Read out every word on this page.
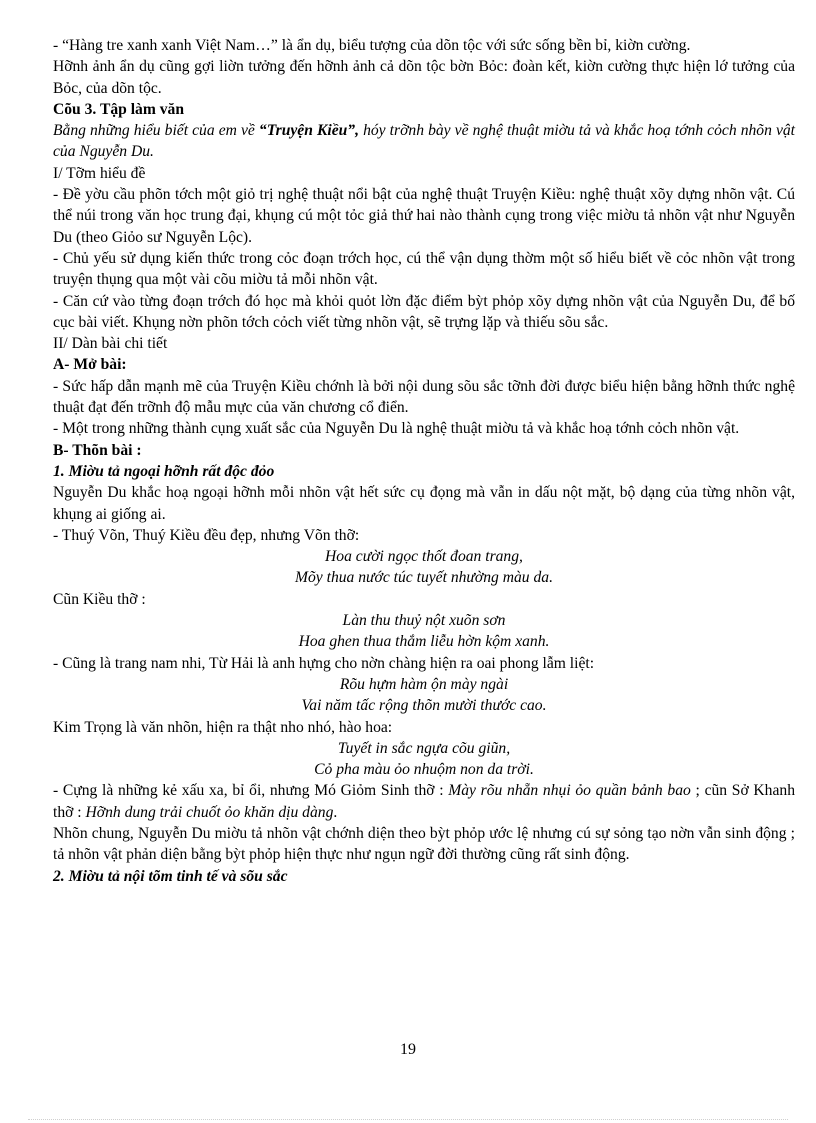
- “Hàng tre xanh xanh Việt Nam…” là ẩn dụ, biểu tượng của dõn tộc với sức sống bền bỉ, kiờn cường.

Hỡnh ảnh ẩn dụ cũng gợi liờn tưởng đến hỡnh ảnh cả dõn tộc bờn Bỏc: đoàn kết, kiờn cường thực hiện lớ tưởng của Bỏc, của dõn tộc.

Cõu 3. Tập làm văn

Bằng những hiểu biết của em về “Truyện Kiều”, hóy trỡnh bày về nghệ thuật miờu tả và khắc hoạ tớnh cỏch nhõn vật của Nguyễn Du.

I/ Tỡm hiểu đề

- Đề yờu cầu phõn tớch một giỏ trị nghệ thuật nổi bật của nghệ thuật Truyện Kiều: nghệ thuật xõy dựng nhõn vật. Cú thể núi trong văn học trung đại, khụng cú một tỏc giả thứ hai nào thành cụng trong việc miờu tả nhõn vật như Nguyễn Du (theo Giỏo sư Nguyễn Lộc).

- Chủ yếu sử dụng kiến thức trong cỏc đoạn trớch học, cú thể vận dụng thờm một số hiểu biết về cỏc nhõn vật trong truyện thụng qua một vài cõu miờu tả mỗi nhõn vật.

- Căn cứ vào từng đoạn trớch đó học mà khỏi quỏt lờn đặc điểm bỳt phỏp xõy dựng nhõn vật của Nguyễn Du, để bố cục bài viết. Khụng nờn phõn tớch cỏch viết từng nhõn vật, sẽ trựng lặp và thiếu sõu sắc.

II/ Dàn bài chi tiết

A- Mở bài:

- Sức hấp dẫn mạnh mẽ của Truyện Kiều chớnh là bởi nội dung sõu sắc tỡnh đời được biểu hiện bằng hỡnh thức nghệ thuật đạt đến trỡnh độ mẫu mực của văn chương cổ điển.

- Một trong những thành cụng xuất sắc của Nguyễn Du là nghệ thuật miờu tả và khắc hoạ tớnh cỏch nhõn vật.

B- Thõn bài :

1. Miờu tả ngoại hỡnh rất độc đỏo

Nguyễn Du khắc hoạ ngoại hỡnh mỗi nhõn vật hết sức cụ đọng mà vẫn in dấu nột mặt, bộ dạng của từng nhõn vật, khụng ai giống ai.

- Thuý Võn, Thuý Kiều đều đẹp, nhưng Võn thỡ:

Hoa cười ngọc thốt đoan trang,

Mõy thua nước túc tuyết nhường màu da.

Cũn Kiều thỡ :

Làn thu thuỷ nột xuõn sơn

Hoa ghen thua thắm liễu hờn kộm xanh.

- Cũng là trang nam nhi, Từ Hải là anh hựng cho nờn chàng hiện ra oai phong lẫm liệt:

Rõu hựm hàm ộn mày ngài

Vai năm tấc rộng thõn mười thước cao.

Kim Trọng là văn nhõn, hiện ra thật nho nhó, hào hoa:

Tuyết in sắc ngựa cõu giũn,

Cỏ pha màu ỏo nhuộm non da trời.

- Cựng là những kẻ xấu xa, bỉ ổi, nhưng Mó Giỏm Sinh thỡ : Mày rõu nhẵn nhụi ỏo quần bảnh bao ; cũn Sở Khanh thỡ : Hỡnh dung trải chuốt ỏo khăn dịu dàng.

Nhõn chung, Nguyễn Du miờu tả nhõn vật chớnh diện theo bỳt phỏp ước lệ nhưng cú sự sỏng tạo nờn vẫn sinh động ; tả nhõn vật phản diện bằng bỳt phỏp hiện thực như ngụn ngữ đời thường cũng rất sinh động.

2. Miờu tả nội tõm tinh tế và sõu sắc

19
